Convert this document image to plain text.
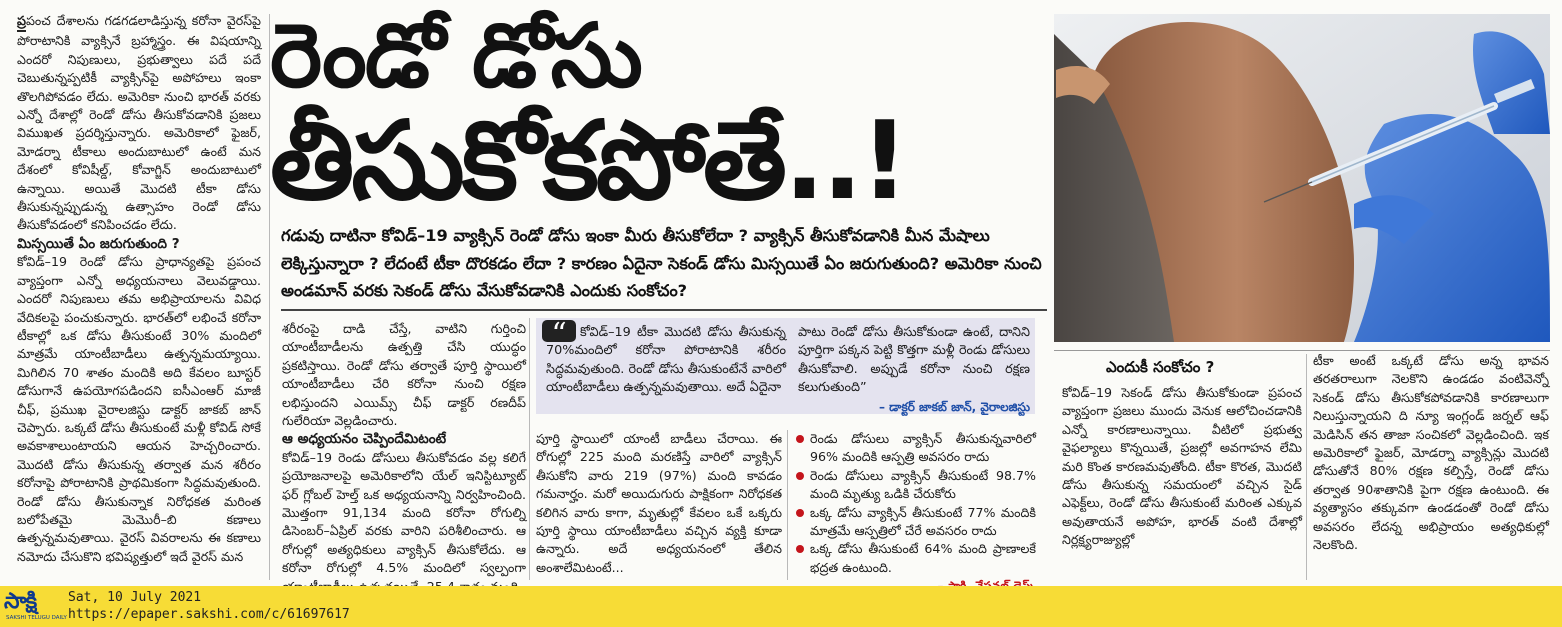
ప్రపంచ దేశాలను గడగడలాడిస్తున్న కరోనా వైరస్‌పై పోరాటానికి వ్యాక్సినే బ్రహ్మాస్త్రం. ఈ విషయాన్ని ఎందరో నిపుణులు, ప్రభుత్వాలు పదే పదే చెబుతున్నప్పటికీ వ్యాక్సిన్‌పై అపోహలు ఇంకా తొలగిపోవడం లేదు. అమెరికా నుంచి భారత్‌ వరకు ఎన్నో దేశాల్లో రెండో డోసు తీసుకోవడానికి ప్రజలు విముఖత ప్రదర్శిస్తున్నారు. అమెరికాలో ఫైజర్‌, మోడర్నా టీకాలు అందుబాటులో ఉంటే మన దేశంలో కోవిషీల్డ్‌, కోవాగ్జిన్‌ అందుబాటులో ఉన్నాయి. అయితే మొదటి టీకా డోసు తీసుకున్నప్పుడున్న ఉత్సాహం రెండో డోసు తీసుకోవడంలో కనిపించడం లేదు.

మిస్సయితే ఏం జరుగుతుంది ?

కోవిడ్‌–19 రెండో డోసు ప్రాధాన్యతపై ప్రపంచ వ్యాప్తంగా ఎన్నో అధ్యయనాలు వెలువడ్డాయి. ఎందరో నిపుణులు తమ అభిప్రాయాలను వివిధ వేదికలపై పంచుకున్నారు. భారత్‌లో లభించే కరోనా టీకాల్లో ఒక డోసు తీసుకుంటే 30% మందిలో మాత్రమే యాంటీబాడీలు ఉత్పన్నమయ్యాయి. మిగిలిన 70 శాతం మందికి అది కేవలం బూస్టర్‌ డోసుగానే ఉపయోగపడిందని ఐసీఎంఆర్‌ మాజీ చీఫ్‌, ప్రముఖ వైరాలజిస్టు డాక్టర్‌ జాకబ్‌ జాన్‌ చెప్పారు. ఒక్కటే డోసు తీసుకుంటే మళ్లీ కోవిడ్‌ సోకే అవకాశాలుంటాయని ఆయన హెచ్చరించారు. మొదటి డోసు తీసుకున్న తర్వాత మన శరీరం కరోనాపై పోరాటానికి ప్రాథమికంగా సిద్ధమవుతుంది. రెండో డోసు తీసుకున్నాక నిరోధకత మరింత బలోపేతమై మెమొరీ–బి కణాలు ఉత్పన్నమవుతాయి. వైరస్‌ వివరాలను ఈ కణాలు నమోదు చేసుకొని భవిష్యత్తులో ఇదే వైరస్‌ మన

రెండో డోసు
తీసుకోకపోతే..!
గడువు దాటినా కోవిడ్‌–19 వ్యాక్సిన్‌ రెండో డోసు ఇంకా మీరు తీసుకోలేదా ? వ్యాక్సిన్‌ తీసుకోవడానికి మీన మేషాలు లెక్కిస్తున్నారా ? లేదంటే టీకా దొరకడం లేదా ? కారణం ఏదైనా సెకండ్‌ డోసు మిస్సయితే ఏం జరుగుతుంది? అమెరికా నుంచి అండమాన్‌ వరకు సెకండ్‌ డోసు వేసుకోవడానికి ఎందుకు సంకోచం?

శరీరంపై దాడి చేస్తే, వాటిని గుర్తించి యాంటీబాడీలను ఉత్పత్తి చేసి యుద్ధం ప్రకటిస్తాయి. రెండో డోసు తర్వాతే పూర్తి స్థాయిలో యాంటీబాడీలు చేరి కరోనా నుంచి రక్షణ లభిస్తుందని ఎయిమ్స్‌ చీఫ్‌ డాక్టర్‌ రణదీప్‌ గులేరియా వెల్లడించారు.

ఆ అధ్యయనం చెప్పిందేమిటంటే

కోవిడ్‌–19 రెండు డోసులు తీసుకోవడం వల్ల కలిగే ప్రయోజనాలపై అమెరికాలోని యేల్‌ ఇనిస్టిట్యూట్‌ ఫర్‌ గ్లోబల్‌ హెల్త్‌ ఒక అధ్యయనాన్ని నిర్వహించింది. మొత్తంగా 91,134 మంది కరోనా రోగుల్ని డిసెంబర్‌–ఏప్రిల్‌ వరకు వారిని పరిశీలించారు. ఆ రోగుల్లో అత్యధికులు వ్యాక్సిన్‌ తీసుకోలేదు. ఆ కరోనా రోగుల్లో 4.5% మందిలో స్వల్పంగా

“	కోవిడ్‌–19 టీకా మొదటి డోసు తీసుకున్న 70%మందిలో కరోనా పోరాటానికి శరీరం సిద్ధమవుతుంది. రెండో డోసు తీసుకుంటేనే వారిలో యాంటీబాడీలు ఉత్పన్నమవుతాయి. అదే ఏదైనా
పాటు రెండో డోసు తీసుకోకుండా ఉంటే, దానిని పూర్తిగా పక్కన పెట్టి కొత్తగా మళ్లీ రెండు డోసులు తీసుకోవాలి. అప్పుడే కరోనా నుంచి రక్షణ కలుగుతుంది”
– డాక్టర్‌ జాకబ్‌ జాన్‌, వైరాలజిస్టు
పూర్తి స్థాయిలో యాంటీ బాడీలు చేరాయి. ఈ రోగుల్లో 225 మంది మరణిస్తే వారిలో వ్యాక్సిన్‌ తీసుకోని వారు 219 (97%) మంది కావడం గమనార్హం. మరో అయిదుగురు పాక్షికంగా నిరోధకత కలిగిన వారు కాగా, మృతుల్లో కేవలం ఒకే ఒక్కరు పూర్తి స్థాయి యాంటీబాడీలు వచ్చిన వ్యక్తి కూడా ఉన్నారు. అదే అధ్యయనంలో తేలిన అంశాలేమిటంటే...
రెండు డోసులు వ్యాక్సిన్‌ తీసుకున్నవారిలో 96% మందికి ఆస్పత్రి అవసరం రాదు
రెండు డోసులు వ్యాక్సిన్‌ తీసుకుంటే 98.7% మంది మృత్యు ఒడికి చేరుకోరు
ఒక్క డోసు వ్యాక్సిన్‌ తీసుకుంటే 77% మందికి మాత్రమే ఆస్పత్రిలో చేరే అవసరం రాదు
ఒక్క డోసు తీసుకుంటే 64% మంది ప్రాణాలకే భద్రత ఉంటుంది.
ఎందుకీ సంకోచం ?
కోవిడ్‌–19 సెకండ్‌ డోసు తీసుకోకుండా ప్రపంచ వ్యాప్తంగా ప్రజలు ముందు వెనుక ఆలోచించడానికి ఎన్నో కారణాలున్నాయి. వీటిలో ప్రభుత్వ వైఫల్యాలు కొన్నయితే, ప్రజల్లో అవగాహన లేమి మరి కొంత కారణమవుతోంది. టీకా కొరత, మొదటి డోసు తీసుకున్న సమయంలో వచ్చిన సైడ్‌ ఎఫెక్ట్‌లు, రెండో డోసు తీసుకుంటే మరింత ఎక్కువ అవుతాయనే అపోహ, భారత్‌ వంటి దేశాల్లో నిర్లక్ష్యరాజ్యుల్లో
టీకా అంటే ఒక్కటే డోసు అన్న భావన తరతరాలుగా నెలకొని ఉండడం వంటివెన్నో సెకండ్‌ డోసు తీసుకోకపోవడానికి కారణాలుగా నిలుస్తున్నాయని ది న్యూ ఇంగ్లండ్‌ జర్నల్‌ ఆఫ్‌ మెడిసిన్‌ తన తాజా సంచికలో వెల్లడించింది. ఇక అమెరికాలో ఫైజర్‌, మోడర్నా వ్యాక్సిన్లు మొదటి డోసుతోనే 80% రక్షణ కల్పిస్తే, రెండో డోసు తర్వాత 90శాతానికి పైగా రక్షణ ఉంటుంది. ఈ వ్యత్యాసం తక్కువగా ఉండడంతో రెండో డోసు అవసరం లేదన్న అభిప్రాయం అత్యధికుల్లో నెలకొంది.
సాక్షి
SAKSHI TELUGU DAILY
Sat, 10 July 2021
https://epaper.sakshi.com/c/61697617
